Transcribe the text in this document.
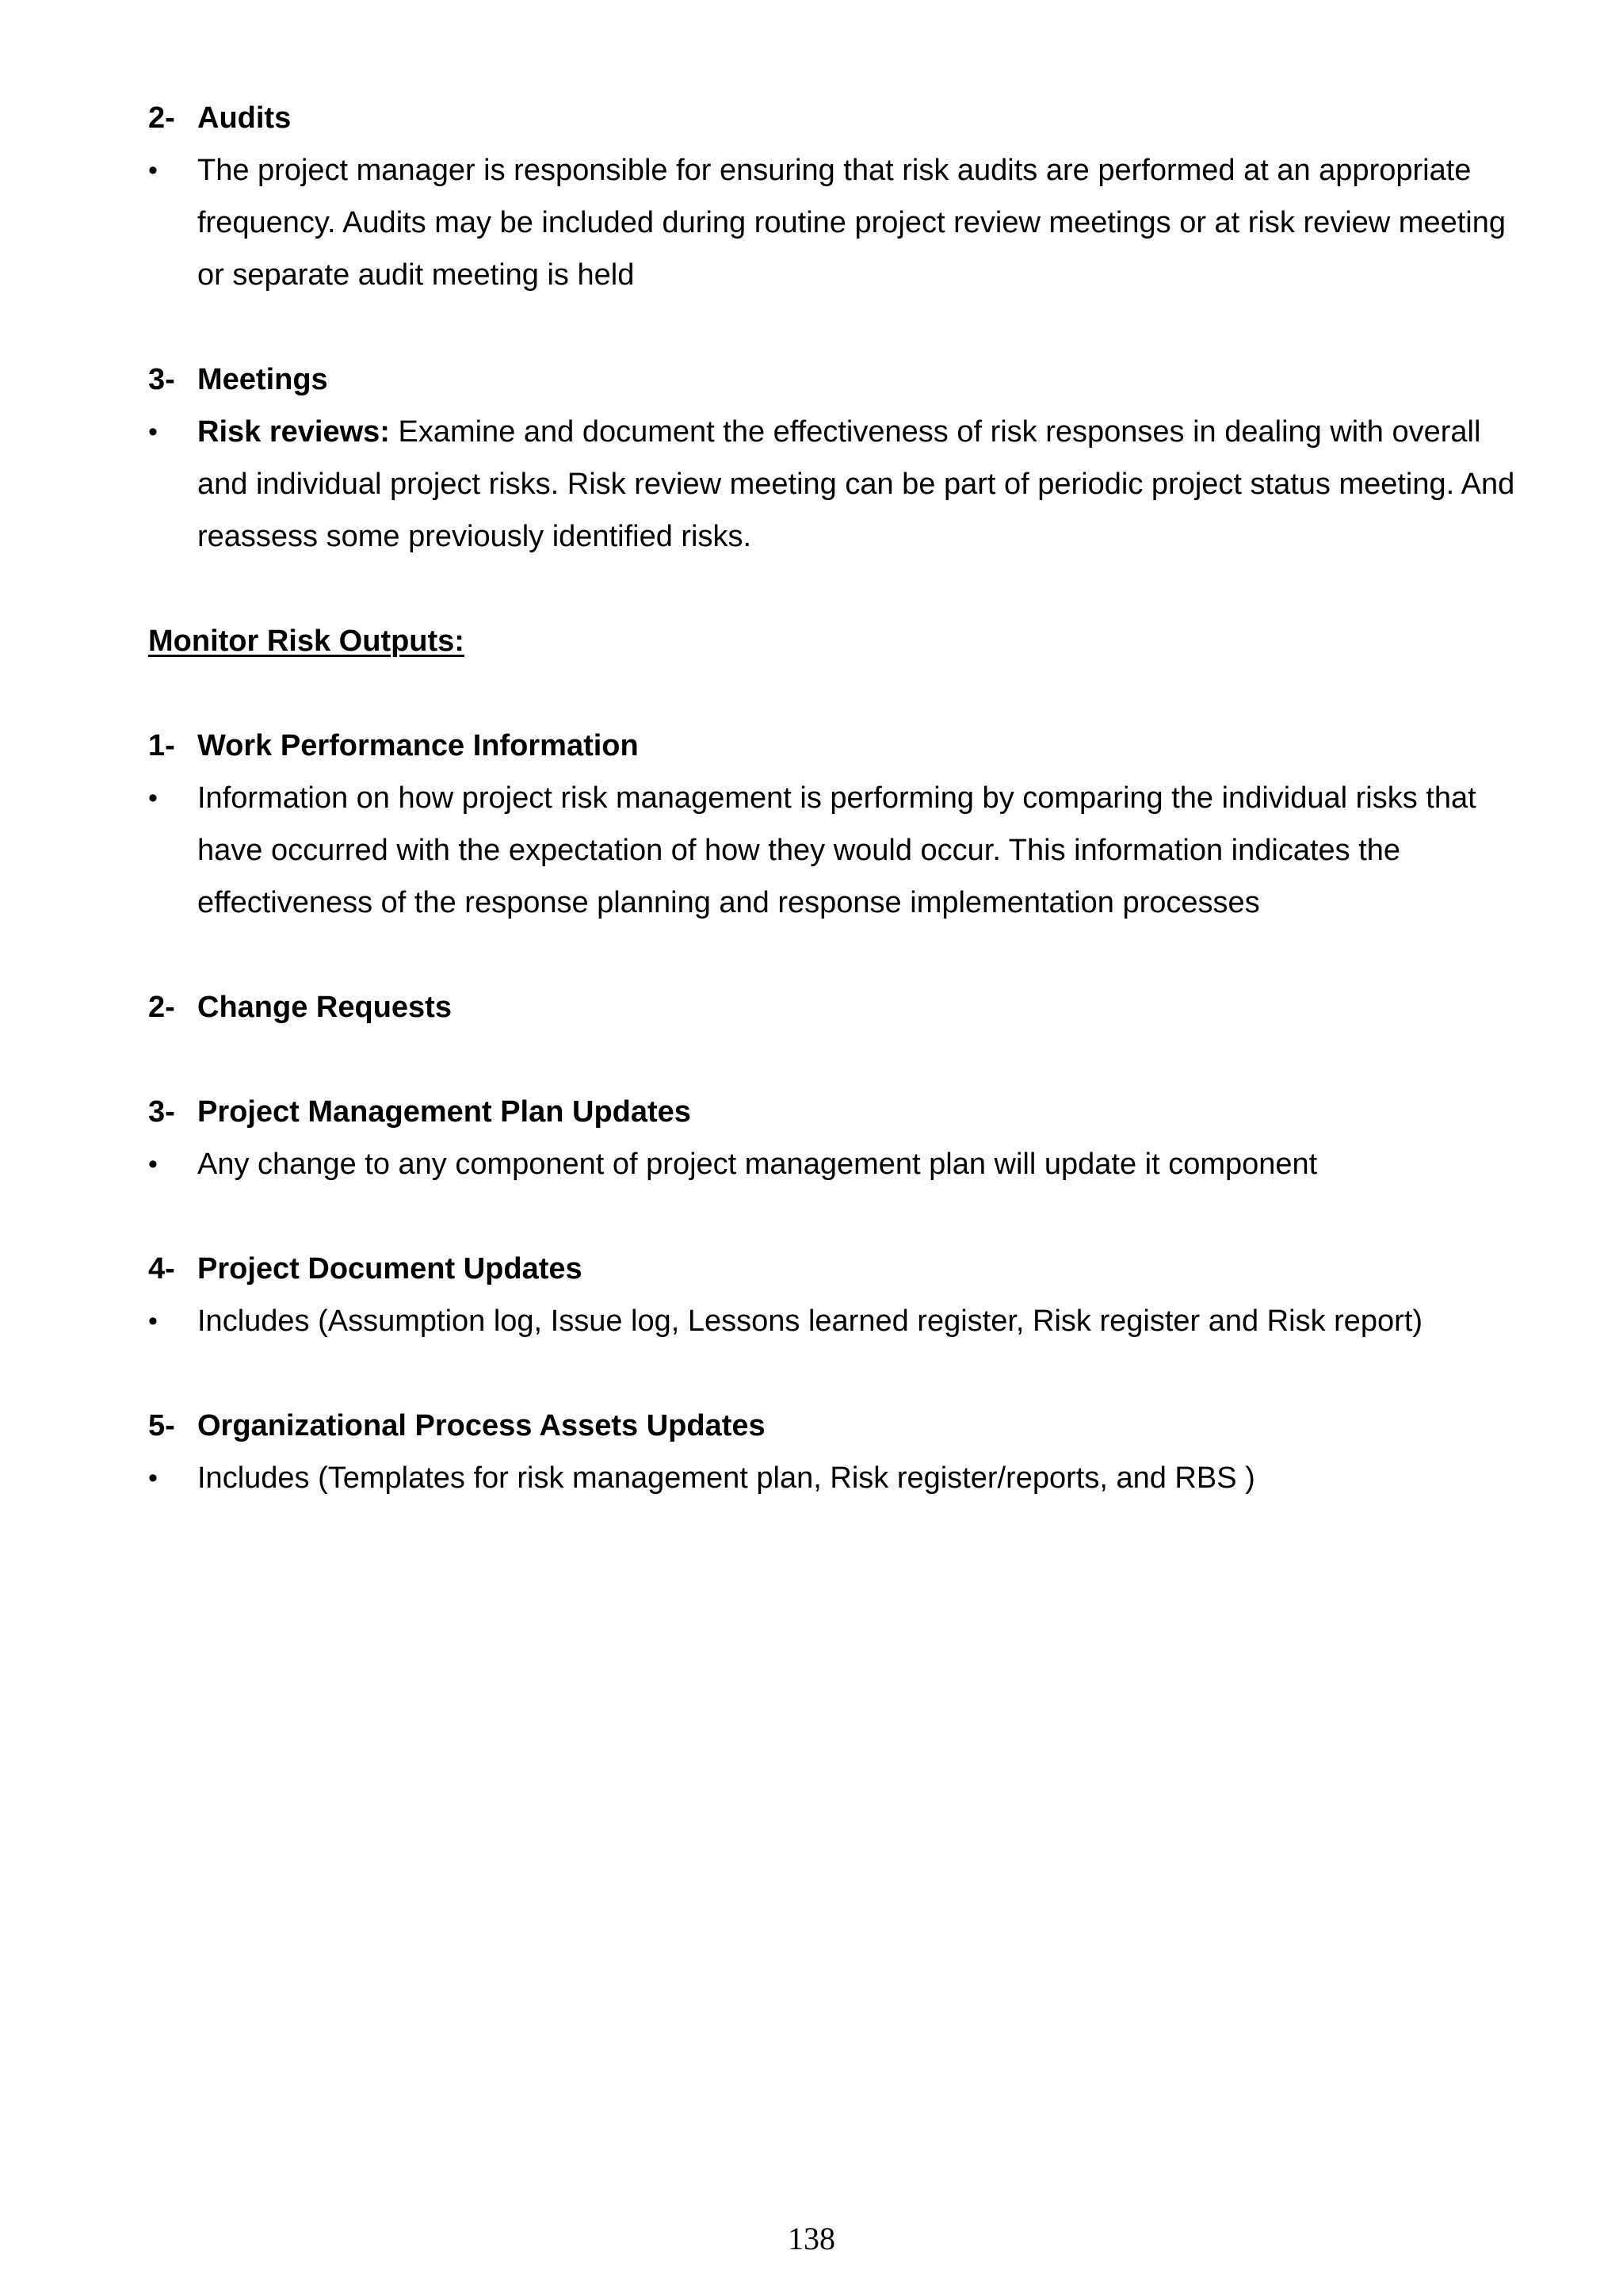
2- Audits
•	The project manager is responsible for ensuring that risk audits are performed at an appropriate frequency. Audits may be included during routine project review meetings or at risk review meeting or separate audit meeting is held
3- Meetings
•	Risk reviews: Examine and document the effectiveness of risk responses in dealing with overall and individual project risks. Risk review meeting can be part of periodic project status meeting. And reassess some previously identified risks.
Monitor Risk Outputs:
1- Work Performance Information
•	Information on how project risk management is performing by comparing the individual risks that have occurred with the expectation of how they would occur. This information indicates the effectiveness of the response planning and response implementation processes
2- Change Requests
3- Project Management Plan Updates
•	Any change to any component of project management plan will update it component
4- Project Document Updates
•	Includes (Assumption log, Issue log, Lessons learned register, Risk register and Risk report)
5- Organizational Process Assets Updates
•	Includes (Templates for risk management plan, Risk register/reports, and RBS )
138
